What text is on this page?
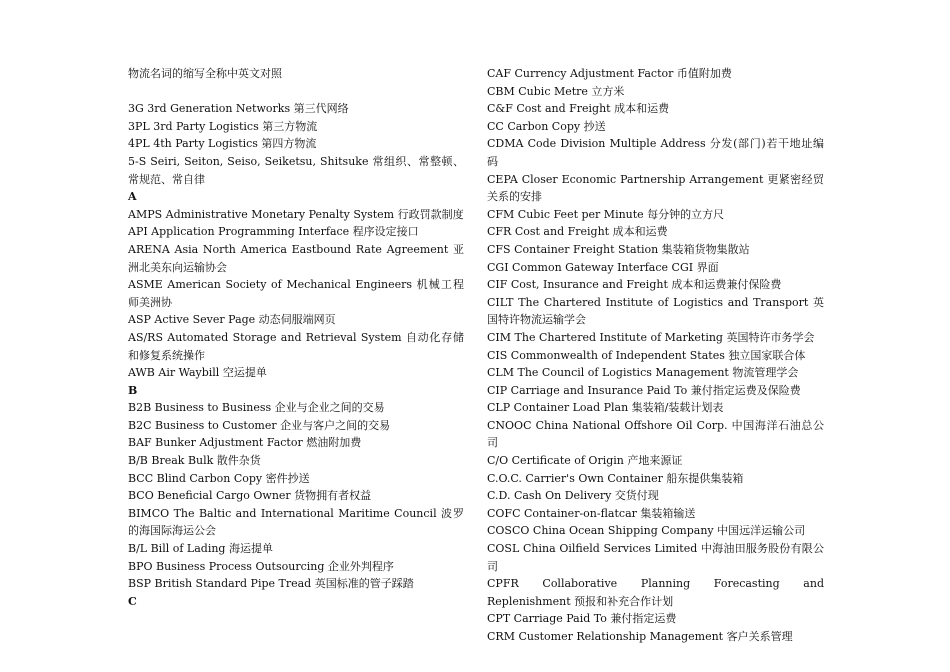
物流名词的缩写全称中英文对照
3G 3rd Generation Networks 第三代网络
3PL 3rd Party Logistics 第三方物流
4PL 4th Party Logistics 第四方物流
5-S Seiri, Seiton, Seiso, Seiketsu, Shitsuke 常组织、常整顿、常规范、常自律
A
AMPS Administrative Monetary Penalty System 行政罚款制度
API Application Programming Interface 程序设定接口
ARENA Asia North America Eastbound Rate Agreement 亚洲北美东向运输协会
ASME American Society of Mechanical Engineers 机械工程师美洲协
ASP Active Sever Page 动态伺服端网页
AS/RS Automated Storage and Retrieval System 自动化存储和修复系统操作
AWB Air Waybill 空运提单
B
B2B Business to Business 企业与企业之间的交易
B2C Business to Customer 企业与客户之间的交易
BAF Bunker Adjustment Factor 燃油附加费
B/B Break Bulk 散件杂货
BCC Blind Carbon Copy 密件抄送
BCO Beneficial Cargo Owner 货物拥有者权益
BIMCO The Baltic and International Maritime Council 波罗的海国际海运公会
B/L Bill of Lading 海运提单
BPO Business Process Outsourcing 企业外判程序
BSP British Standard Pipe Tread 英国标准的管子踩踏
C
CAF Currency Adjustment Factor 币值附加费
CBM Cubic Metre 立方米
C&F Cost and Freight 成本和运费
CC Carbon Copy 抄送
CDMA Code Division Multiple Address 分发(部门)若干地址编码
CEPA Closer Economic Partnership Arrangement 更紧密经贸关系的安排
CFM Cubic Feet per Minute 每分钟的立方尺
CFR Cost and Freight 成本和运费
CFS Container Freight Station 集装箱货物集散站
CGI Common Gateway Interface CGI 界面
CIF Cost, Insurance and Freight 成本和运费兼付保险费
CILT The Chartered Institute of Logistics and Transport 英国特许物流运输学会
CIM The Chartered Institute of Marketing 英国特许市务学会
CIS Commonwealth of Independent States 独立国家联合体
CLM The Council of Logistics Management 物流管理学会
CIP Carriage and Insurance Paid To 兼付指定运费及保险费
CLP Container Load Plan 集装箱/装载计划表
CNOOC China National Offshore Oil Corp. 中国海洋石油总公司
C/O Certificate of Origin 产地来源证
C.O.C. Carrier's Own Container 船东提供集装箱
C.D. Cash On Delivery 交货付现
COFC Container-on-flatcar 集装箱输送
COSCO China Ocean Shipping Company 中国远洋运输公司
COSL China Oilfield Services Limited 中海油田服务股份有限公司
CPFR Collaborative Planning Forecasting and Replenishment 预报和补充合作计划
CPT Carriage Paid To 兼付指定运费
CRM Customer Relationship Management 客户关系管理
